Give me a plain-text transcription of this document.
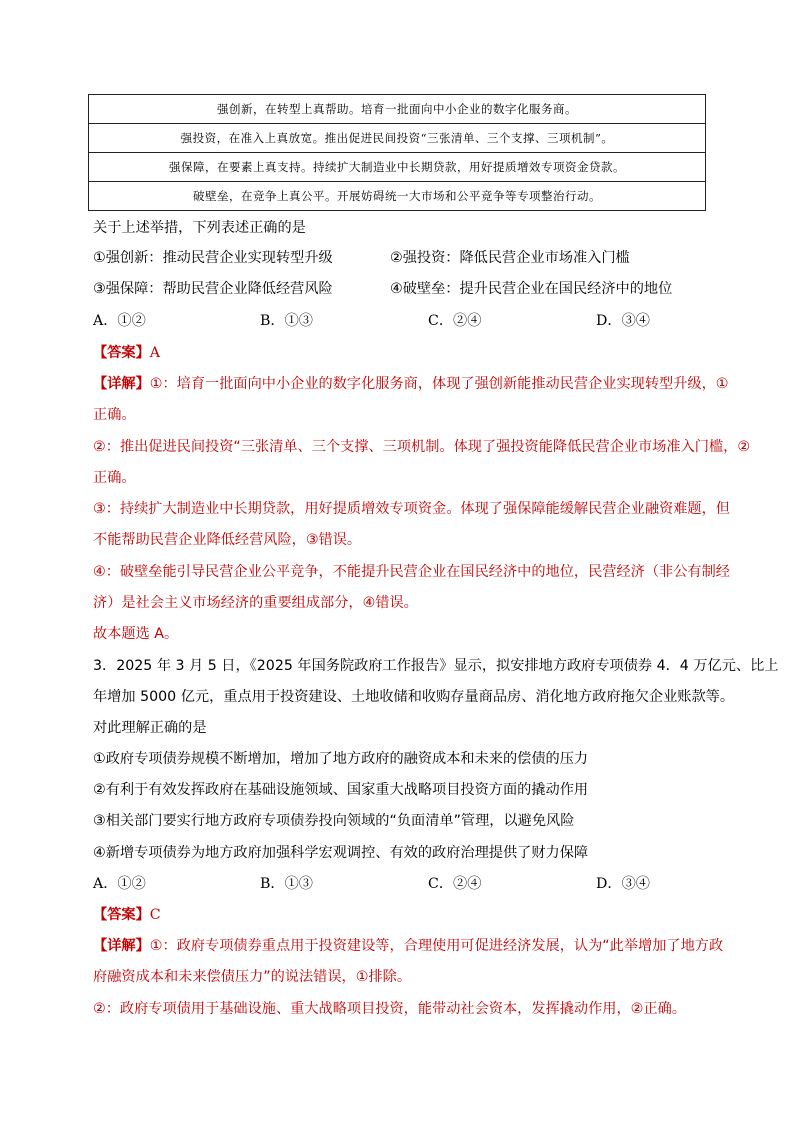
强创新，在转型上真帮助。培育一批面向中小企业的数字化服务商。
强投资，在准入上真放宽。推出促进民间投资“三张清单、三个支撑、三项机制”。
强保障，在要素上真支持。持续扩大制造业中长期贷款，用好提质增效专项资金贷款。
破壁垒，在竞争上真公平。开展妨碍统一大市场和公平竞争等专项整治行动。
关于上述举措，下列表述正确的是
①强创新：推动民营企业实现转型升级	②强投资：降低民营企业市场准入门槛
③强保障：帮助民营企业降低经营风险	④破壁垒：提升民营企业在国民经济中的地位
A．①②	B．①③	C．②④	D．③④
【答案】A
【详解】①：培育一批面向中小企业的数字化服务商，体现了强创新能推动民营企业实现转型升级，①
正确。
②：推出促进民间投资“三张清单、三个支撑、三项机制。体现了强投资能降低民营企业市场准入门槛，②
正确。
③：持续扩大制造业中长期贷款，用好提质增效专项资金。体现了强保障能缓解民营企业融资难题，但
不能帮助民营企业降低经营风险，③错误。
④：破壁垒能引导民营企业公平竞争，不能提升民营企业在国民经济中的地位，民营经济（非公有制经
济）是社会主义市场经济的重要组成部分，④错误。
故本题选 A。
3．2025 年 3 月 5 日，《2025 年国务院政府工作报告》显示，拟安排地方政府专项债券 4．4 万亿元、比上
年增加 5000 亿元，重点用于投资建设、土地收储和收购存量商品房、消化地方政府拖欠企业账款等。
对此理解正确的是
①政府专项债券规模不断增加，增加了地方政府的融资成本和未来的偿债的压力
②有利于有效发挥政府在基础设施领域、国家重大战略项目投资方面的撬动作用
③相关部门要实行地方政府专项债券投向领域的“负面清单”管理，以避免风险
④新增专项债券为地方政府加强科学宏观调控、有效的政府治理提供了财力保障
A．①②	B．①③	C．②④	D．③④
【答案】C
【详解】①：政府专项债券重点用于投资建设等，合理使用可促进经济发展，认为“此举增加了地方政
府融资成本和未来偿债压力”的说法错误，①排除。
②：政府专项债用于基础设施、重大战略项目投资，能带动社会资本，发挥撬动作用，②正确。
